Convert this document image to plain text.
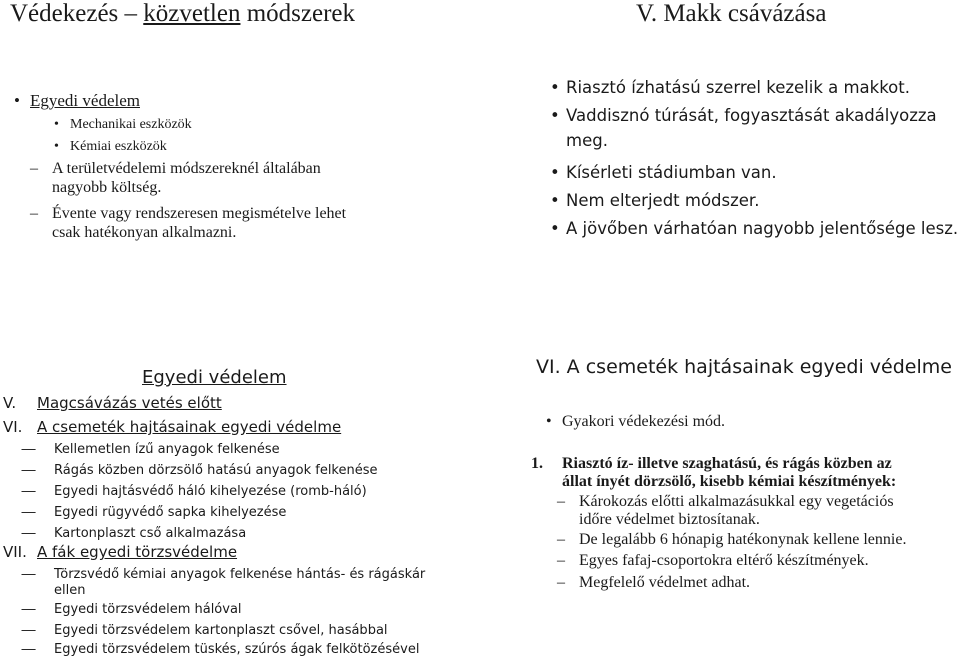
Védekezés – közvetlen módszerek
• Egyedi védelem
• Mechanikai eszközök
• Kémiai eszközök
– A területvédelemi módszereknél általában
nagyobb költség.
– Évente vagy rendszeresen megismételve lehet
csak hatékonyan alkalmazni.
V. Makk csávázása
• Riasztó ízhatású szerrel kezelik a makkot.
• Vaddisznó túrását, fogyasztását akadályozza
meg.
• Kísérleti stádiumban van.
• Nem elterjedt módszer.
• A jövőben várhatóan nagyobb jelentősége lesz.
Egyedi védelem
V. Magcsávázás vetés előtt
VI. A csemeték hajtásainak egyedi védelme
— Kellemetlen ízű anyagok felkenése
— Rágás közben dörzsölő hatású anyagok felkenése
— Egyedi hajtásvédő háló kihelyezése (romb-háló)
— Egyedi rügyvédő sapka kihelyezése
— Kartonplaszt cső alkalmazása
VII. A fák egyedi törzsvédelme
— Törzsvédő kémiai anyagok felkenése hántás- és rágáskár
ellen
— Egyedi törzsvédelem hálóval
— Egyedi törzsvédelem kartonplaszt csővel, hasábbal
— Egyedi törzsvédelem tüskés, szúrós ágak felkötözésével
VI. A csemeték hajtásainak egyedi védelme
• Gyakori védekezési mód.
1. Riasztó íz- illetve szaghatású, és rágás közben az
állat ínyét dörzsölő, kisebb kémiai készítmények:
– Károkozás előtti alkalmazásukkal egy vegetációs
időre védelmet biztosítanak.
– De legalább 6 hónapig hatékonynak kellene lennie.
– Egyes fafaj-csoportokra eltérő készítmények.
– Megfelelő védelmet adhat.
